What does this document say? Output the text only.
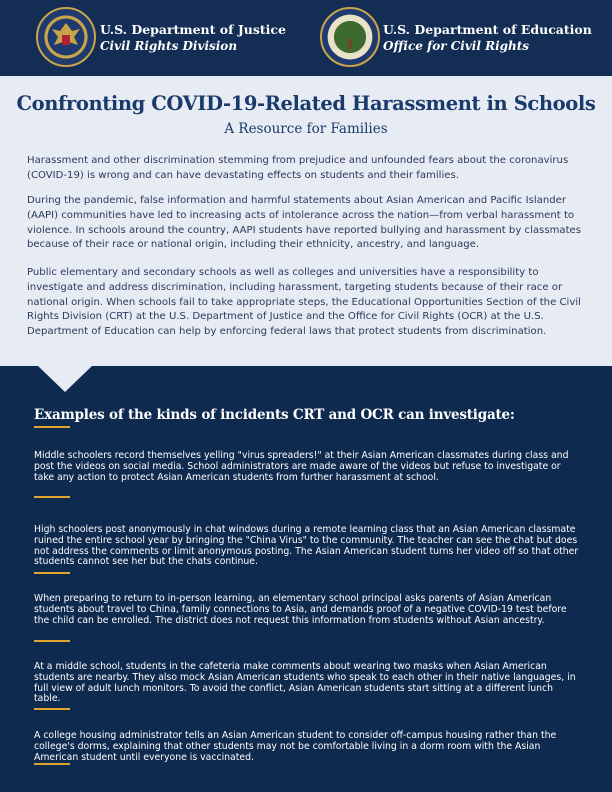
U.S. Department of Justice
Civil Rights Division
U.S. Department of Education
Office for Civil Rights
Confronting COVID-19-Related Harassment in Schools
A Resource for Families

Harassment and other discrimination stemming from prejudice and unfounded fears about the coronavirus (COVID-19) is wrong and can have devastating effects on students and their families.

During the pandemic, false information and harmful statements about Asian American and Pacific Islander (AAPI) communities have led to increasing acts of intolerance across the nation—from verbal harassment to violence. In schools around the country, AAPI students have reported bullying and harassment by classmates because of their race or national origin, including their ethnicity, ancestry, and language.

Public elementary and secondary schools as well as colleges and universities have a responsibility to investigate and address discrimination, including harassment, targeting students because of their race or national origin. When schools fail to take appropriate steps, the Educational Opportunities Section of the Civil Rights Division (CRT) at the U.S. Department of Justice and the Office for Civil Rights (OCR) at the U.S. Department of Education can help by enforcing federal laws that protect students from discrimination.

Examples of the kinds of incidents CRT and OCR can investigate:

Middle schoolers record themselves yelling "virus spreaders!" at their Asian American classmates during class and post the videos on social media. School administrators are made aware of the videos but refuse to investigate or take any action to protect Asian American students from further harassment at school.

High schoolers post anonymously in chat windows during a remote learning class that an Asian American classmate ruined the entire school year by bringing the "China Virus" to the community. The teacher can see the chat but does not address the comments or limit anonymous posting. The Asian American student turns her video off so that other students cannot see her but the chats continue.

When preparing to return to in-person learning, an elementary school principal asks parents of Asian American students about travel to China, family connections to Asia, and demands proof of a negative COVID-19 test before the child can be enrolled. The district does not request this information from students without Asian ancestry.

At a middle school, students in the cafeteria make comments about wearing two masks when Asian American students are nearby. They also mock Asian American students who speak to each other in their native languages, in full view of adult lunch monitors. To avoid the conflict, Asian American students start sitting at a different lunch table.

A college housing administrator tells an Asian American student to consider off-campus housing rather than the college's dorms, explaining that other students may not be comfortable living in a dorm room with the Asian American student until everyone is vaccinated.
